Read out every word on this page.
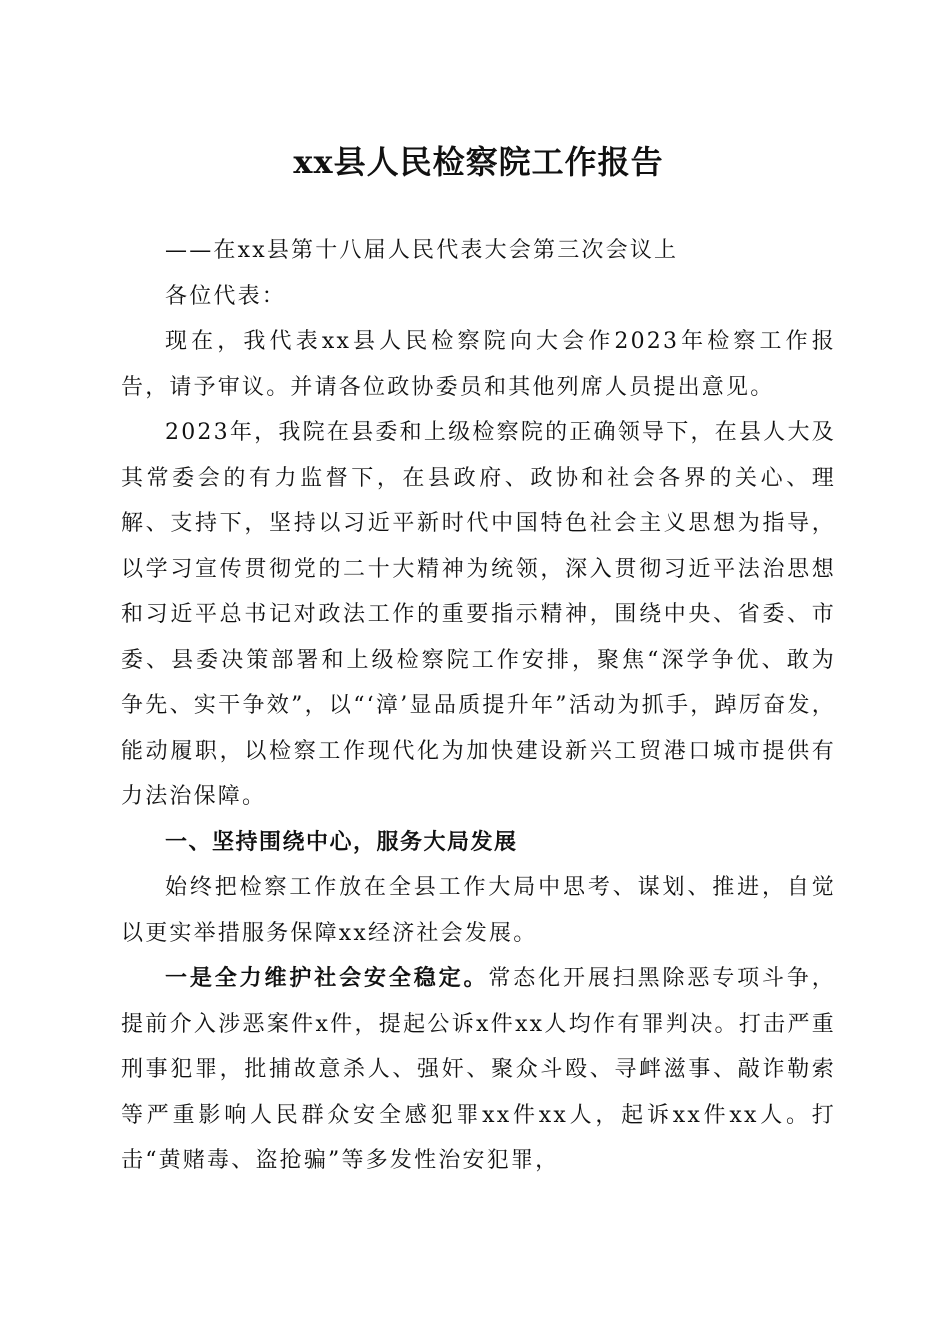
xx县人民检察院工作报告

——在xx县第十八届人民代表大会第三次会议上

各位代表：

现在，我代表xx县人民检察院向大会作2023年检察工作报告，请予审议。并请各位政协委员和其他列席人员提出意见。

2023年，我院在县委和上级检察院的正确领导下，在县人大及其常委会的有力监督下，在县政府、政协和社会各界的关心、理解、支持下，坚持以习近平新时代中国特色社会主义思想为指导，以学习宣传贯彻党的二十大精神为统领，深入贯彻习近平法治思想和习近平总书记对政法工作的重要指示精神，围绕中央、省委、市委、县委决策部署和上级检察院工作安排，聚焦“深学争优、敢为争先、实干争效”，以“‘漳’显品质提升年”活动为抓手，踔厉奋发，能动履职，以检察工作现代化为加快建设新兴工贸港口城市提供有力法治保障。

一、坚持围绕中心，服务大局发展

始终把检察工作放在全县工作大局中思考、谋划、推进，自觉以更实举措服务保障xx经济社会发展。

一是全力维护社会安全稳定。常态化开展扫黑除恶专项斗争，提前介入涉恶案件x件，提起公诉x件xx人均作有罪判决。打击严重刑事犯罪，批捕故意杀人、强奸、聚众斗殴、寻衅滋事、敲诈勒索等严重影响人民群众安全感犯罪xx件xx人，起诉xx件xx人。打击“黄赌毒、盗抢骗”等多发性治安犯罪，
